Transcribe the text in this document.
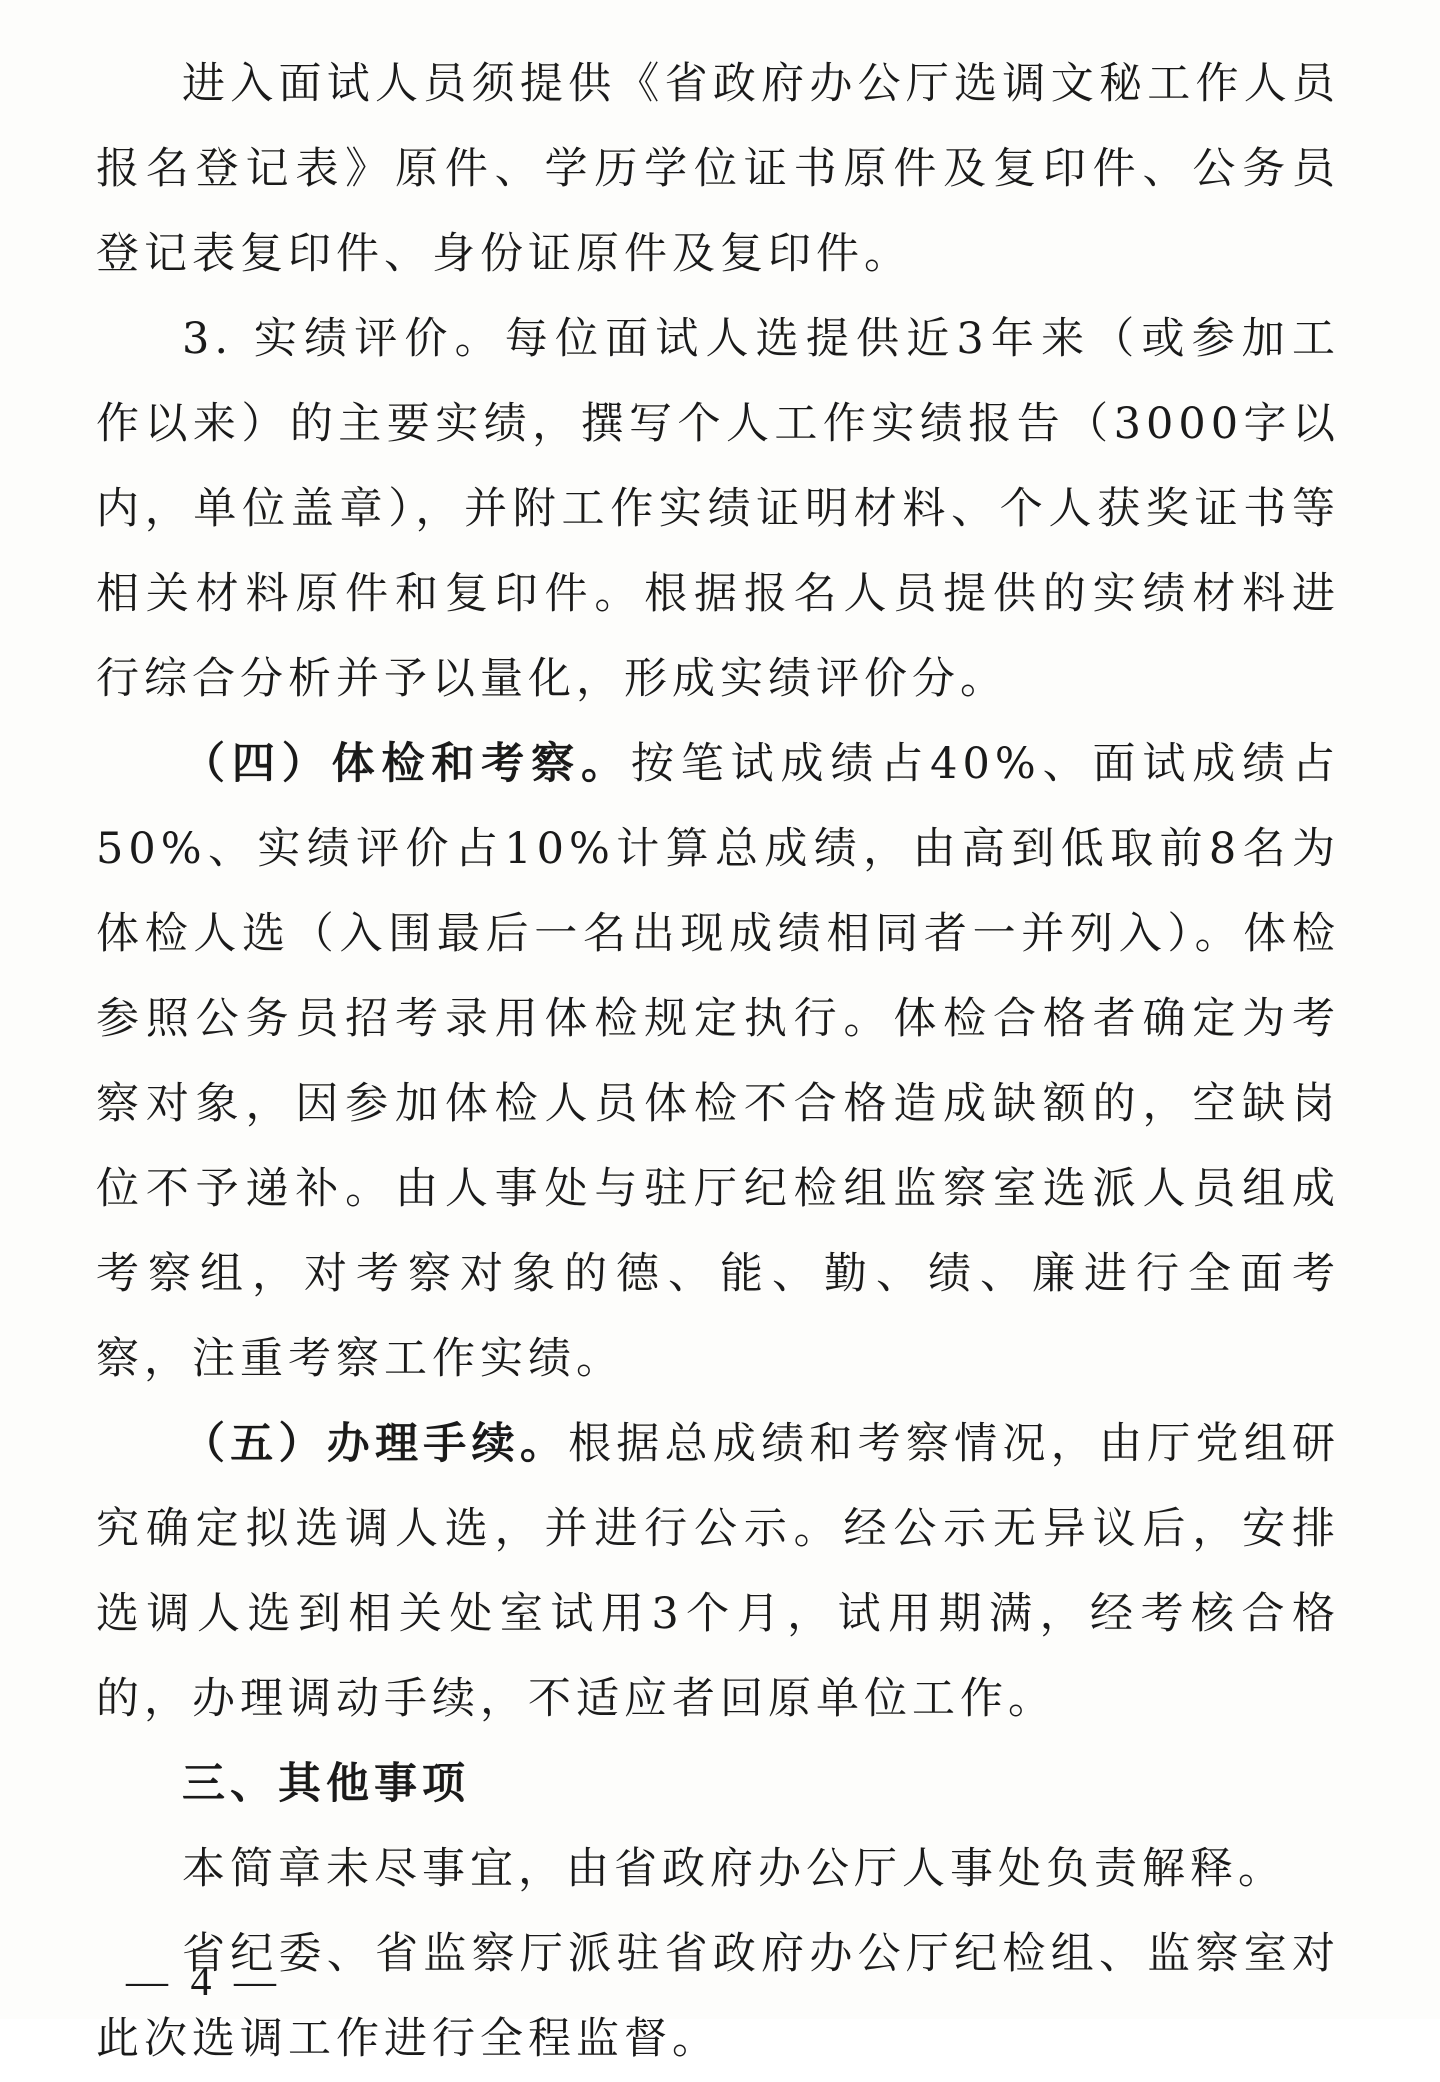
进入面试人员须提供《省政府办公厅选调文秘工作人员报名登记表》原件、学历学位证书原件及复印件、公务员登记表复印件、身份证原件及复印件。

3. 实绩评价。每位面试人选提供近3年来（或参加工作以来）的主要实绩，撰写个人工作实绩报告（3000字以内，单位盖章），并附工作实绩证明材料、个人获奖证书等相关材料原件和复印件。根据报名人员提供的实绩材料进行综合分析并予以量化，形成实绩评价分。

（四）体检和考察。按笔试成绩占40%、面试成绩占50%、实绩评价占10%计算总成绩，由高到低取前8名为体检人选（入围最后一名出现成绩相同者一并列入）。体检参照公务员招考录用体检规定执行。体检合格者确定为考察对象，因参加体检人员体检不合格造成缺额的，空缺岗位不予递补。由人事处与驻厅纪检组监察室选派人员组成考察组，对考察对象的德、能、勤、绩、廉进行全面考察，注重考察工作实绩。

（五）办理手续。根据总成绩和考察情况，由厅党组研究确定拟选调人选，并进行公示。经公示无异议后，安排选调人选到相关处室试用3个月，试用期满，经考核合格的，办理调动手续，不适应者回原单位工作。

三、其他事项

本简章未尽事宜，由省政府办公厅人事处负责解释。

省纪委、省监察厅派驻省政府办公厅纪检组、监察室对此次选调工作进行全程监督。

— 4 —
